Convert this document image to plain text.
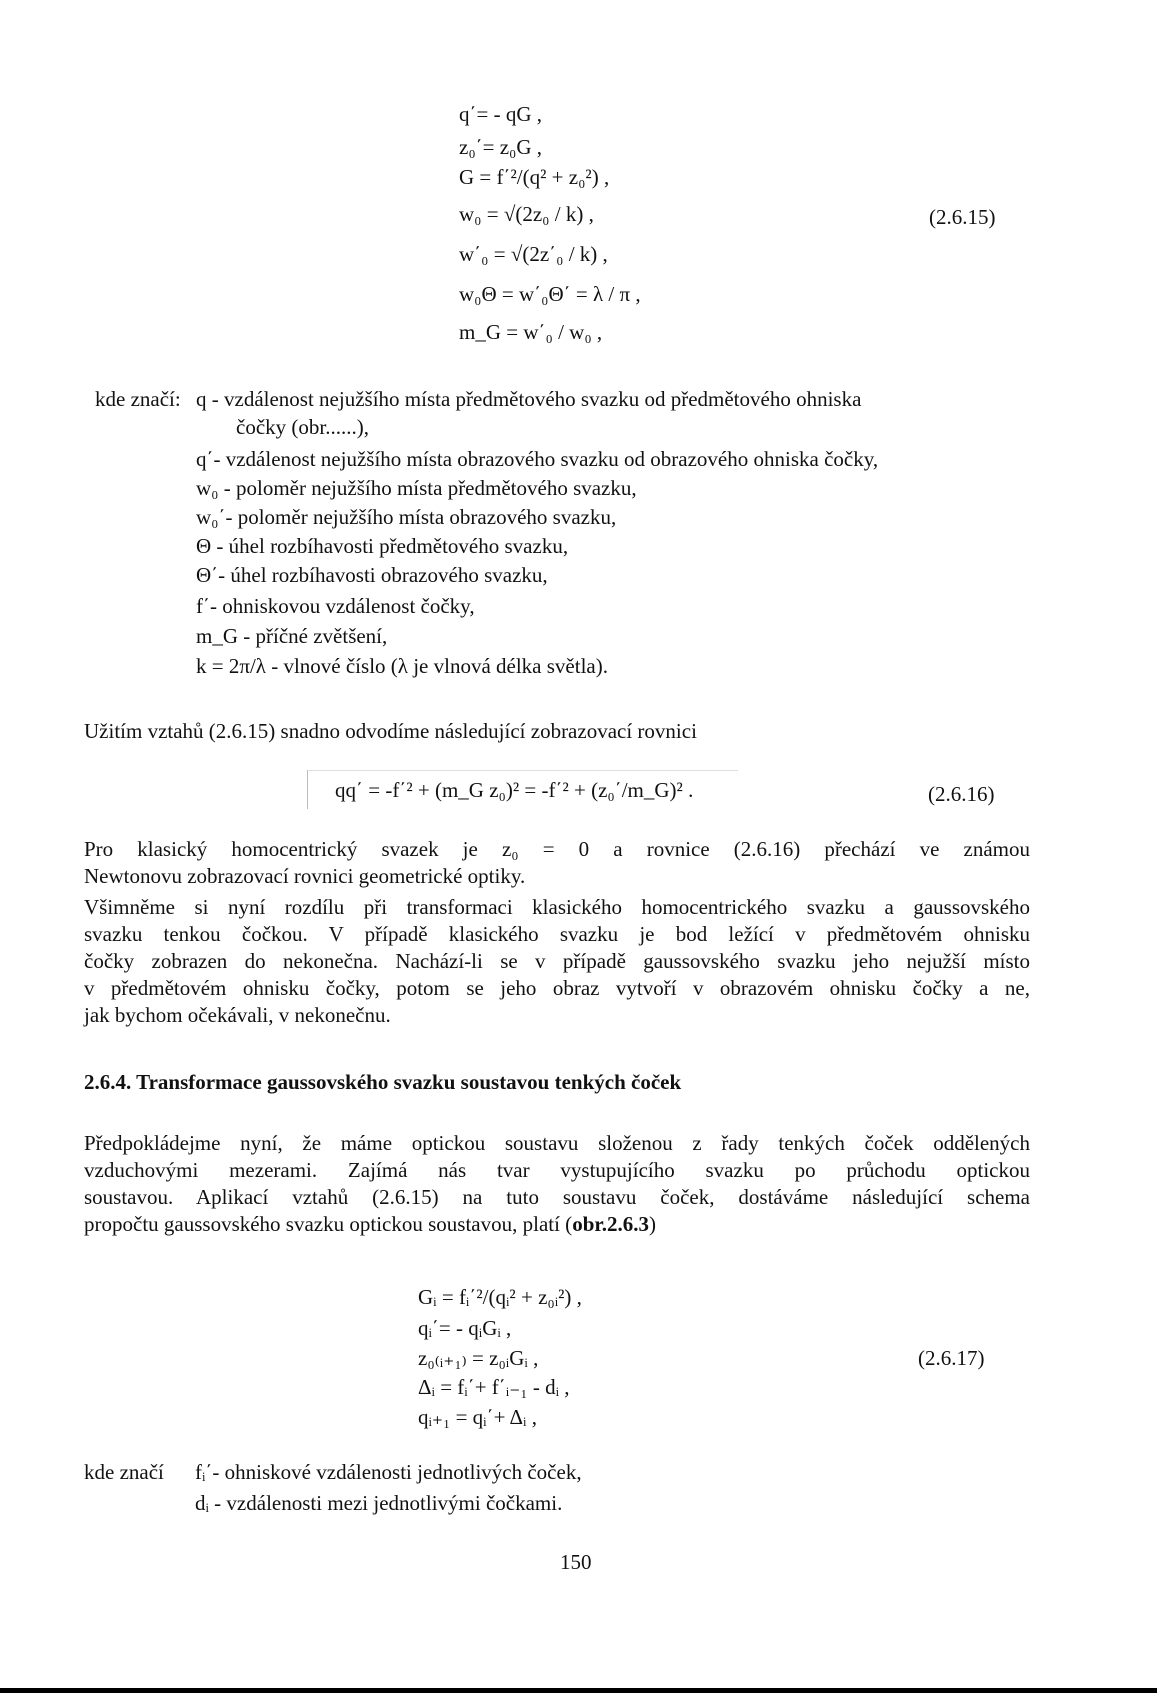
q΄= - qG ,
z₀΄= z₀G ,
G = f΄²/(q² + z₀²) ,
w₀ = √(2z₀ / k) ,
w΄₀ = √(2z΄₀ / k) ,
w₀Θ = w΄₀Θ΄ = λ / π ,
m_G = w΄₀ / w₀ ,
(2.6.15)
kde značí: q - vzdálenost nejužšího místa předmětového svazku od předmětového ohniska
čočky (obr......),
q΄- vzdálenost nejužšího místa obrazového svazku od obrazového ohniska čočky,
w₀ - poloměr nejužšího místa předmětového svazku,
w₀΄- poloměr nejužšího místa obrazového svazku,
Θ - úhel rozbíhavosti předmětového svazku,
Θ΄- úhel rozbíhavosti obrazového svazku,
f΄- ohniskovou vzdálenost čočky,
m_G - příčné zvětšení,
k = 2π/λ - vlnové číslo (λ je vlnová délka světla).
Užitím vztahů (2.6.15) snadno odvodíme následující zobrazovací rovnici
qq΄ = -f΄² + (m_G z₀)² = -f΄² + (z₀΄/m_G)² .	(2.6.16)
Pro klasický homocentrický svazek je z₀ = 0 a rovnice (2.6.16) přechází ve známou
Newtonovu zobrazovací rovnici geometrické optiky.
Všimněme si nyní rozdílu při transformaci klasického homocentrického svazku a gaussovského
svazku tenkou čočkou. V případě klasického svazku je bod ležící v předmětovém ohnisku
čočky zobrazen do nekonečna. Nachází-li se v případě gaussovského svazku jeho nejužší místo
v předmětovém ohnisku čočky, potom se jeho obraz vytvoří v obrazovém ohnisku čočky a ne,
jak bychom očekávali, v nekonečnu.
2.6.4. Transformace gaussovského svazku soustavou tenkých čoček
Předpokládejme nyní, že máme optickou soustavu složenou z řady tenkých čoček oddělených
vzduchovými mezerami. Zajímá nás tvar vystupujícího svazku po průchodu optickou
soustavou. Aplikací vztahů (2.6.15) na tuto soustavu čoček, dostáváme následující schema
propočtu gaussovského svazku optickou soustavou, platí (obr.2.6.3)
Gᵢ = fᵢ΄²/(qᵢ² + z₀ᵢ²) ,
qᵢ΄= - qᵢGᵢ ,
z₀₍ᵢ₊₁₎ = z₀ᵢGᵢ ,
Δᵢ = fᵢ΄+ f΄ᵢ₋₁ - dᵢ ,
qᵢ₊₁ = qᵢ΄+ Δᵢ ,
(2.6.17)
kde značí fᵢ΄- ohniskové vzdálenosti jednotlivých čoček,
dᵢ - vzdálenosti mezi jednotlivými čočkami.
150
